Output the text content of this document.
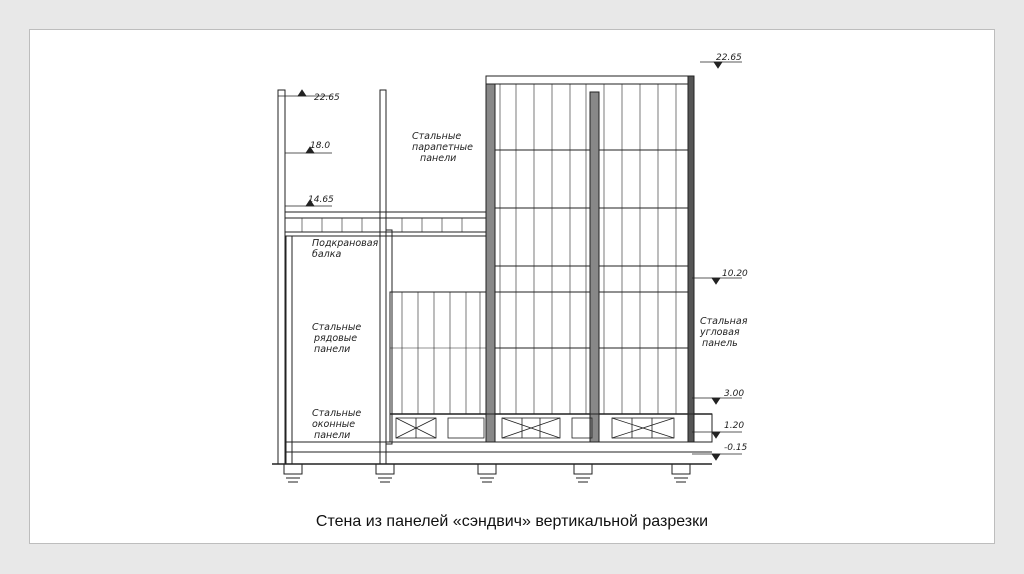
22.65
18.0
14.65
22.65
10.20
3.00
1.20
-0.15
Стальные
парапетные
панели
Подкрановая
балка
Стальные
рядовые
панели
Стальные
оконные
панели
Стальная
угловая
панель
Стена из панелей «сэндвич» вертикальной разрезки
